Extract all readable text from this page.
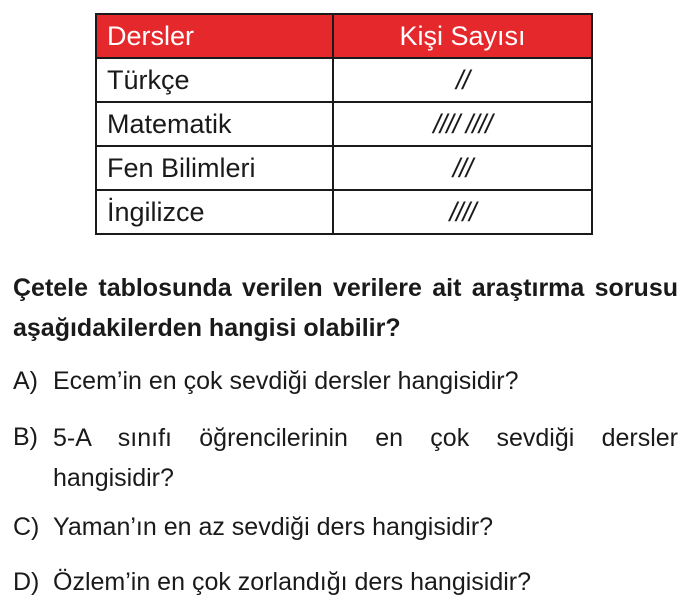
Dersler	Kişi Sayısı
Türkçe	//
Matematik	//// ////
Fen Bilimleri	///
İngilizce	////

Çetele tablosunda verilen verilere ait araştırma sorusu aşağıdakilerden hangisi olabilir?

A) Ecem’in en çok sevdiği dersler hangisidir?
B) 5-A sınıfı öğrencilerinin en çok sevdiği dersler hangisidir?
C) Yaman’ın en az sevdiği ders hangisidir?
D) Özlem’in en çok zorlandığı ders hangisidir?
